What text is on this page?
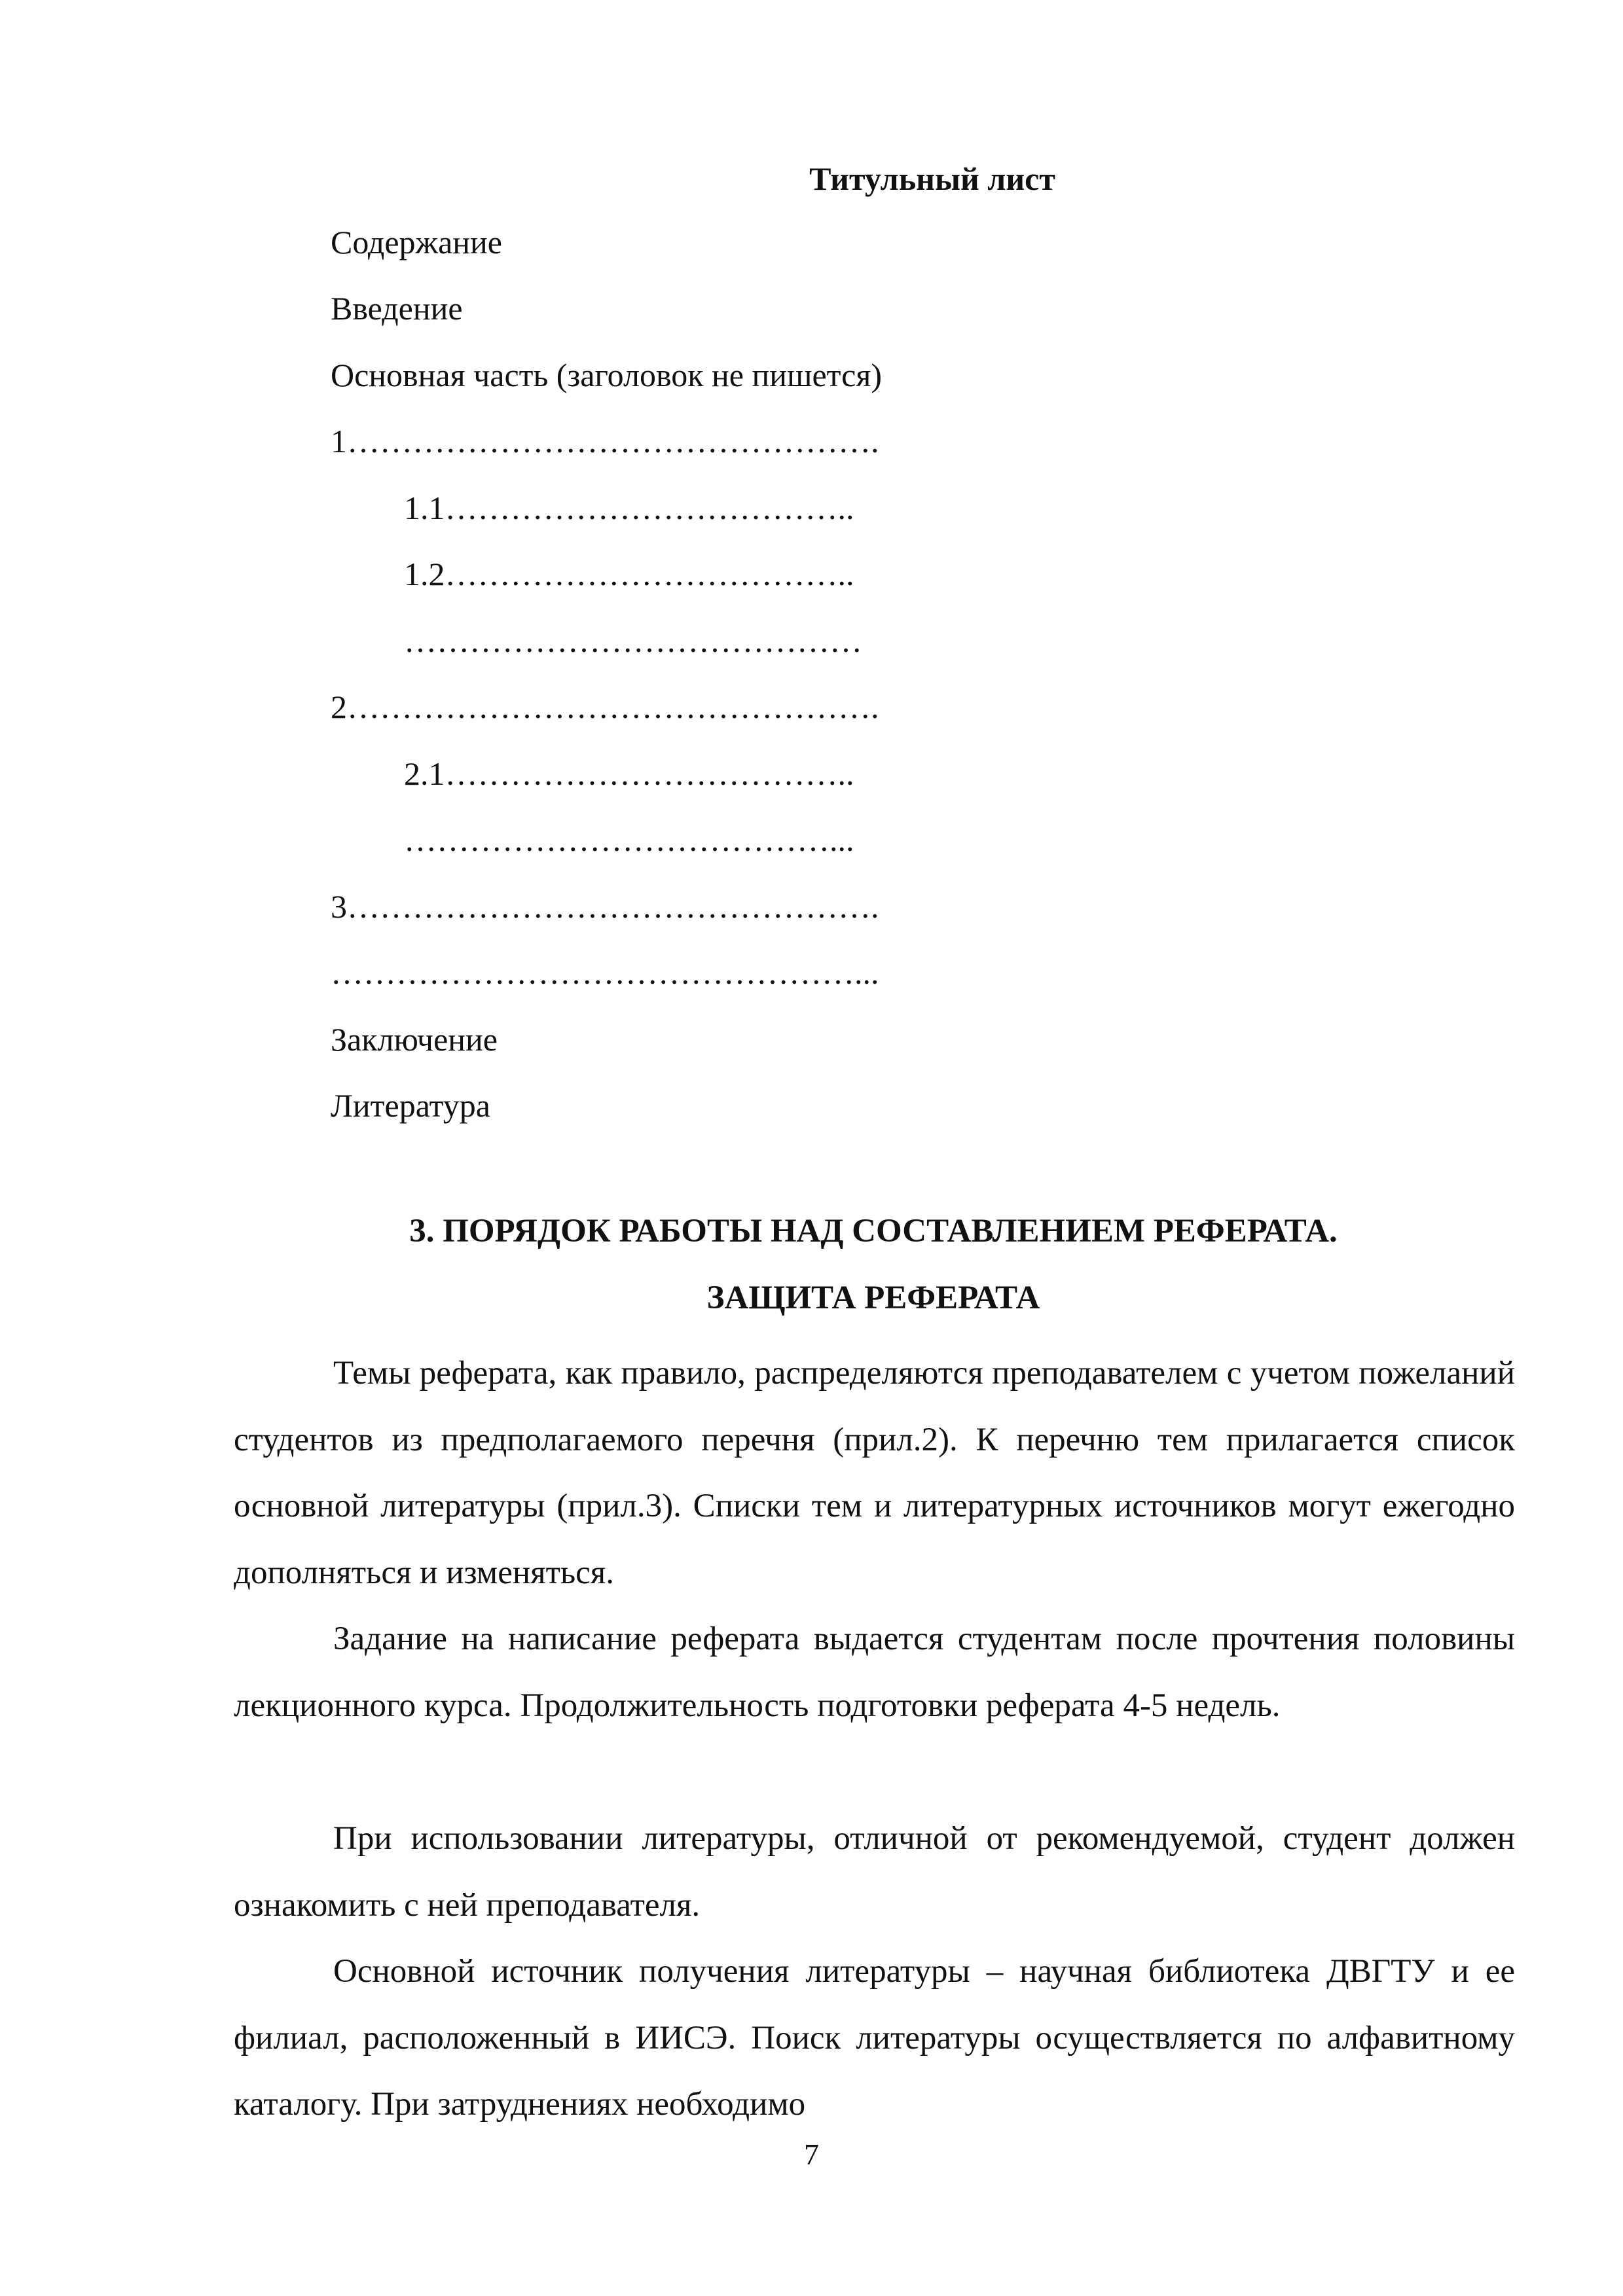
Титульный лист
Содержание
Введение
Основная часть (заголовок не пишется)
1………………………………………….
1.1………………………………..
1.2………………………………..
……………………………………
2………………………………………….
2.1………………………………..
…………………………………...
3………………………………………….
…………………………………………...
Заключение
Литература
3. ПОРЯДОК РАБОТЫ НАД СОСТАВЛЕНИЕМ РЕФЕРАТА.
ЗАЩИТА РЕФЕРАТА

Темы реферата, как правило, распределяются преподавателем с учетом пожеланий студентов из предполагаемого перечня (прил.2). К перечню тем прилагается список основной литературы (прил.3). Списки тем и литературных источников могут ежегодно дополняться и изменяться.

Задание на написание реферата выдается студентам после прочтения половины лекционного курса. Продолжительность подготовки реферата 4-5 недель.

При использовании литературы, отличной от рекомендуемой, студент должен ознакомить с ней преподавателя.

Основной источник получения литературы – научная библиотека ДВГТУ и ее филиал, расположенный в ИИСЭ. Поиск литературы осуществляется по алфавитному каталогу. При затруднениях необходимо

7
